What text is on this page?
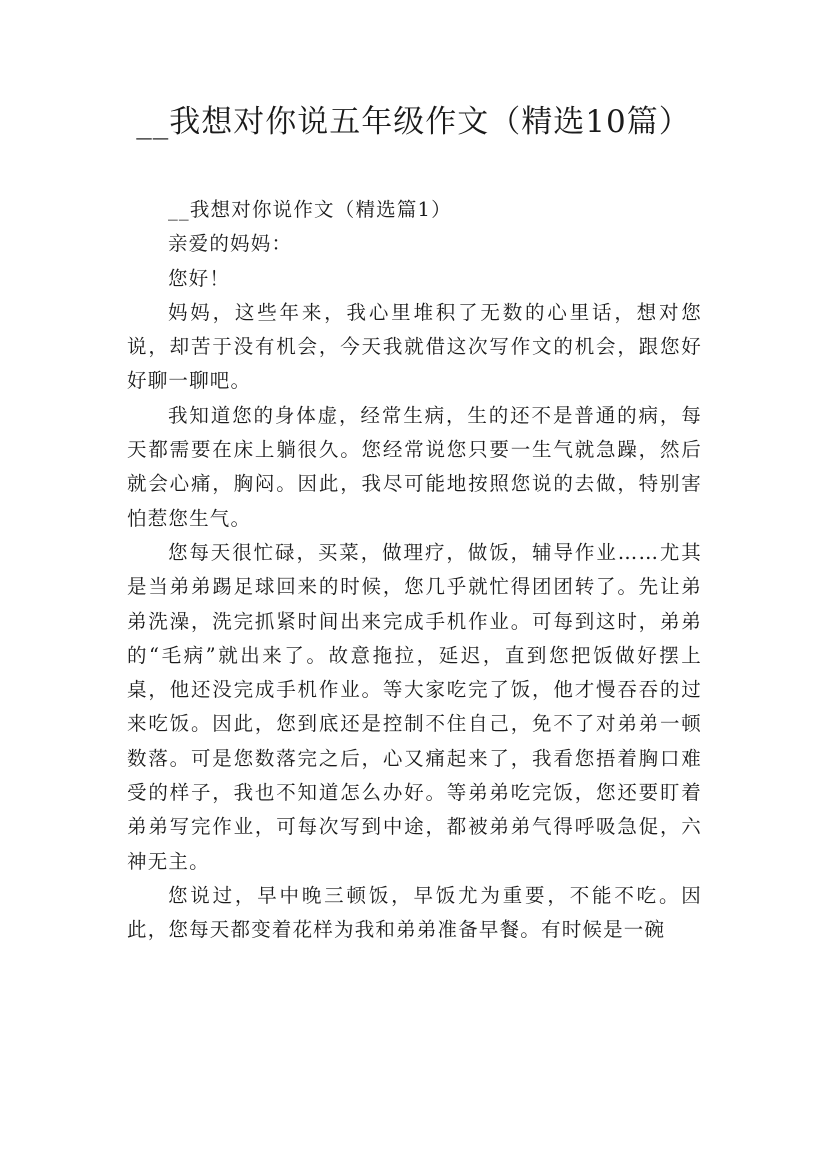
__我想对你说五年级作文（精选10篇）

__我想对你说作文（精选篇1）

亲爱的妈妈：

您好！

妈妈，这些年来，我心里堆积了无数的心里话，想对您说，却苦于没有机会，今天我就借这次写作文的机会，跟您好好聊一聊吧。

我知道您的身体虚，经常生病，生的还不是普通的病，每天都需要在床上躺很久。您经常说您只要一生气就急躁，然后就会心痛，胸闷。因此，我尽可能地按照您说的去做，特别害怕惹您生气。

您每天很忙碌，买菜，做理疗，做饭，辅导作业……尤其是当弟弟踢足球回来的时候，您几乎就忙得团团转了。先让弟弟洗澡，洗完抓紧时间出来完成手机作业。可每到这时，弟弟的“毛病”就出来了。故意拖拉，延迟，直到您把饭做好摆上桌，他还没完成手机作业。等大家吃完了饭，他才慢吞吞的过来吃饭。因此，您到底还是控制不住自己，免不了对弟弟一顿数落。可是您数落完之后，心又痛起来了，我看您捂着胸口难受的样子，我也不知道怎么办好。等弟弟吃完饭，您还要盯着弟弟写完作业，可每次写到中途，都被弟弟气得呼吸急促，六神无主。

您说过，早中晚三顿饭，早饭尤为重要，不能不吃。因此，您每天都变着花样为我和弟弟准备早餐。有时候是一碗
